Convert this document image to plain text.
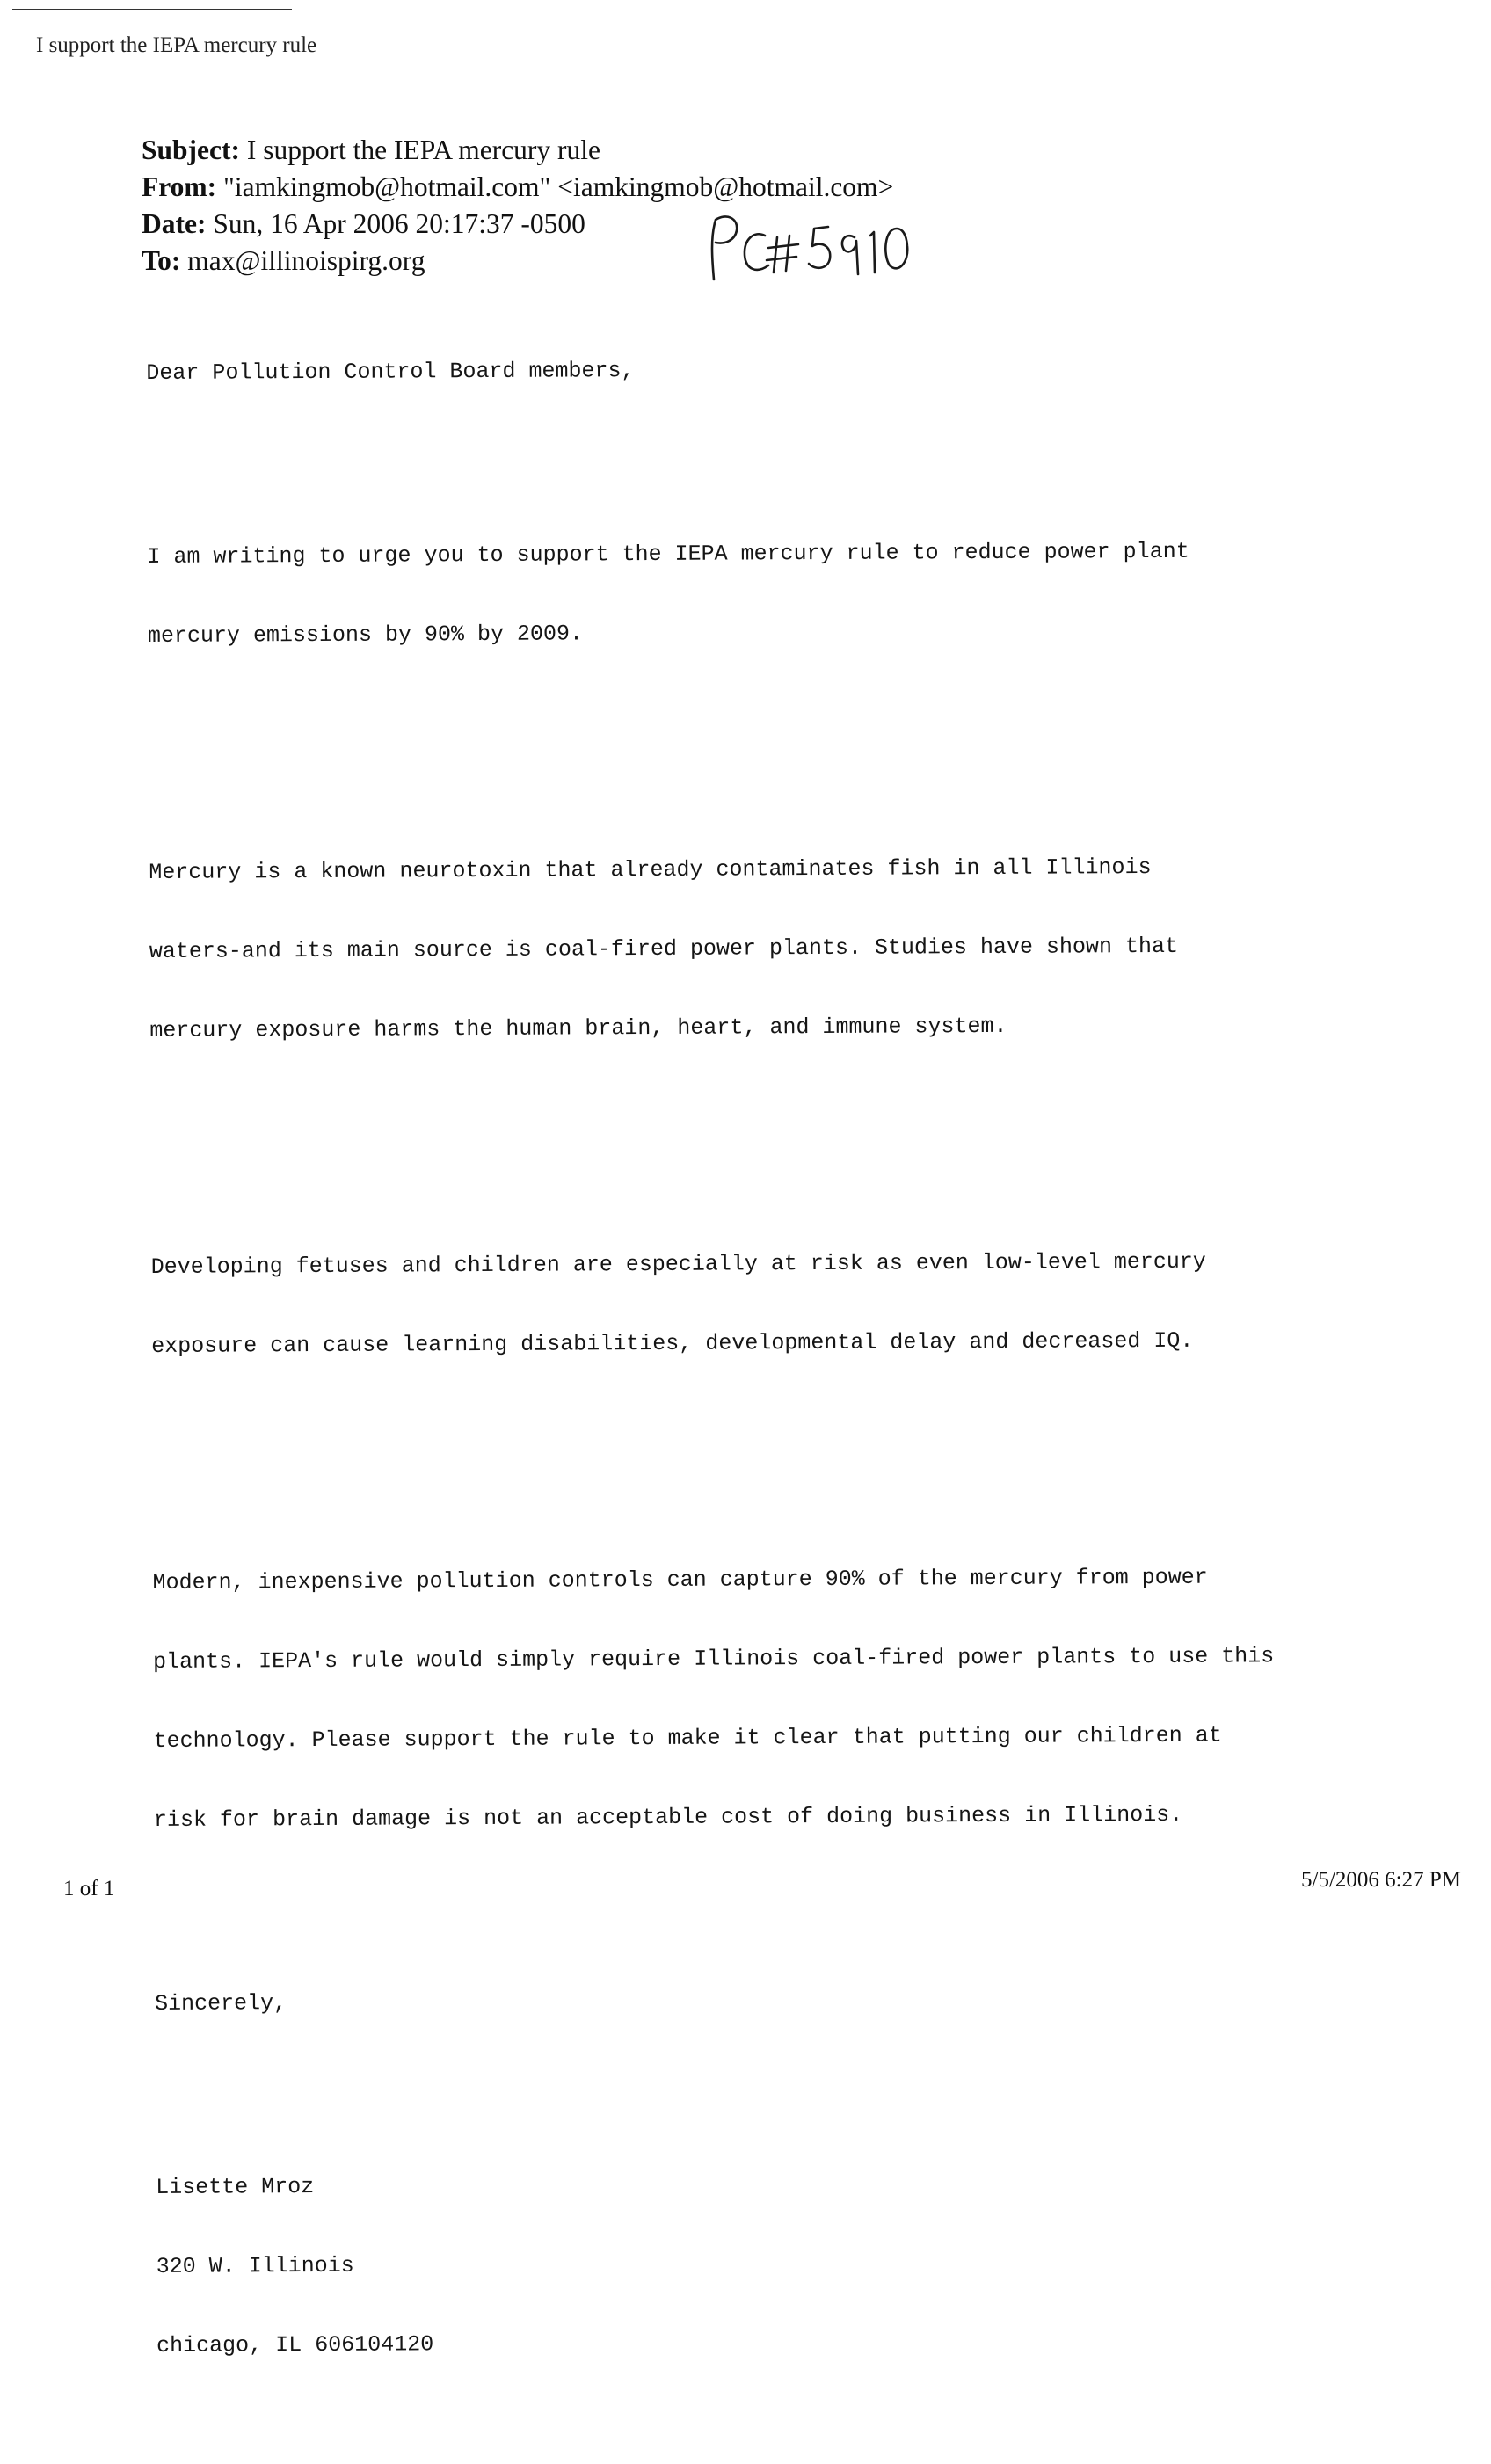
I support the IEPA mercury rule
Subject: I support the IEPA mercury rule
From: "iamkingmob@hotmail.com" <iamkingmob@hotmail.com>
Date: Sun, 16 Apr 2006 20:17:37 -0500
To: max@illinoispirg.org

Dear Pollution Control Board members,

I am writing to urge you to support the IEPA mercury rule to reduce power plant

mercury emissions by 90% by 2009.

Mercury is a known neurotoxin that already contaminates fish in all Illinois

waters-and its main source is coal-fired power plants. Studies have shown that

mercury exposure harms the human brain, heart, and immune system.

Developing fetuses and children are especially at risk as even low-level mercury

exposure can cause learning disabilities, developmental delay and decreased IQ.

Modern, inexpensive pollution controls can capture 90% of the mercury from power

plants. IEPA's rule would simply require Illinois coal-fired power plants to use this

technology. Please support the rule to make it clear that putting our children at

risk for brain damage is not an acceptable cost of doing business in Illinois.

Sincerely,

Lisette Mroz

320 W. Illinois

chicago, IL 606104120

1 of 1	5/5/2006 6:27 PM
